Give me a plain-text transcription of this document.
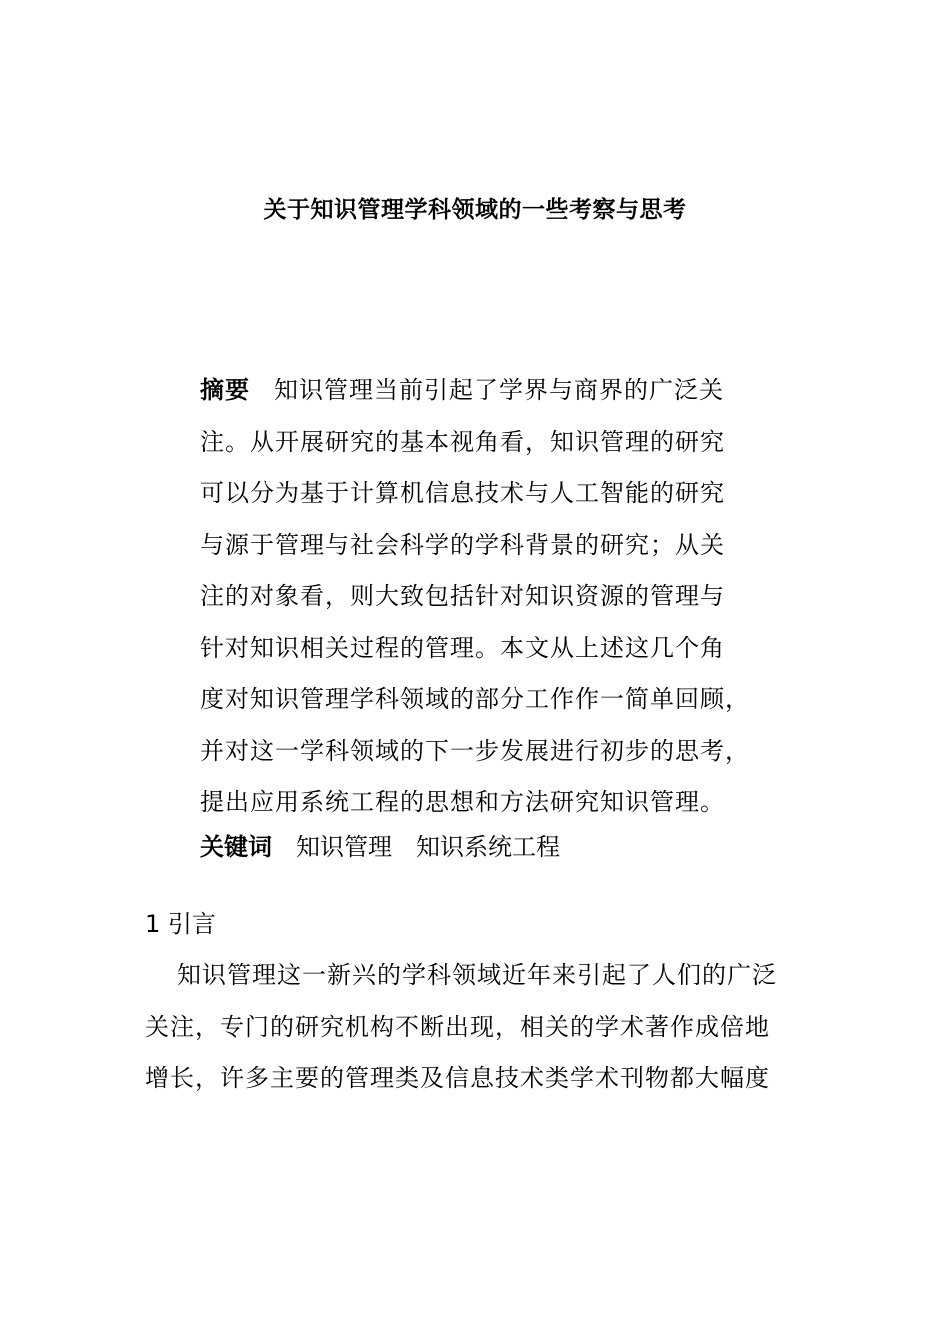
关于知识管理学科领域的一些考察与思考
摘要 知识管理当前引起了学界与商界的广泛关
注。从开展研究的基本视角看，知识管理的研究
可以分为基于计算机信息技术与人工智能的研究
与源于管理与社会科学的学科背景的研究；从关
注的对象看，则大致包括针对知识资源的管理与
针对知识相关过程的管理。本文从上述这几个角
度对知识管理学科领域的部分工作作一简单回顾，
并对这一学科领域的下一步发展进行初步的思考，
提出应用系统工程的思想和方法研究知识管理。
关键词 知识管理 知识系统工程
1 引言
知识管理这一新兴的学科领域近年来引起了人们的广泛
关注，专门的研究机构不断出现，相关的学术著作成倍地
增长，许多主要的管理类及信息技术类学术刊物都大幅度
